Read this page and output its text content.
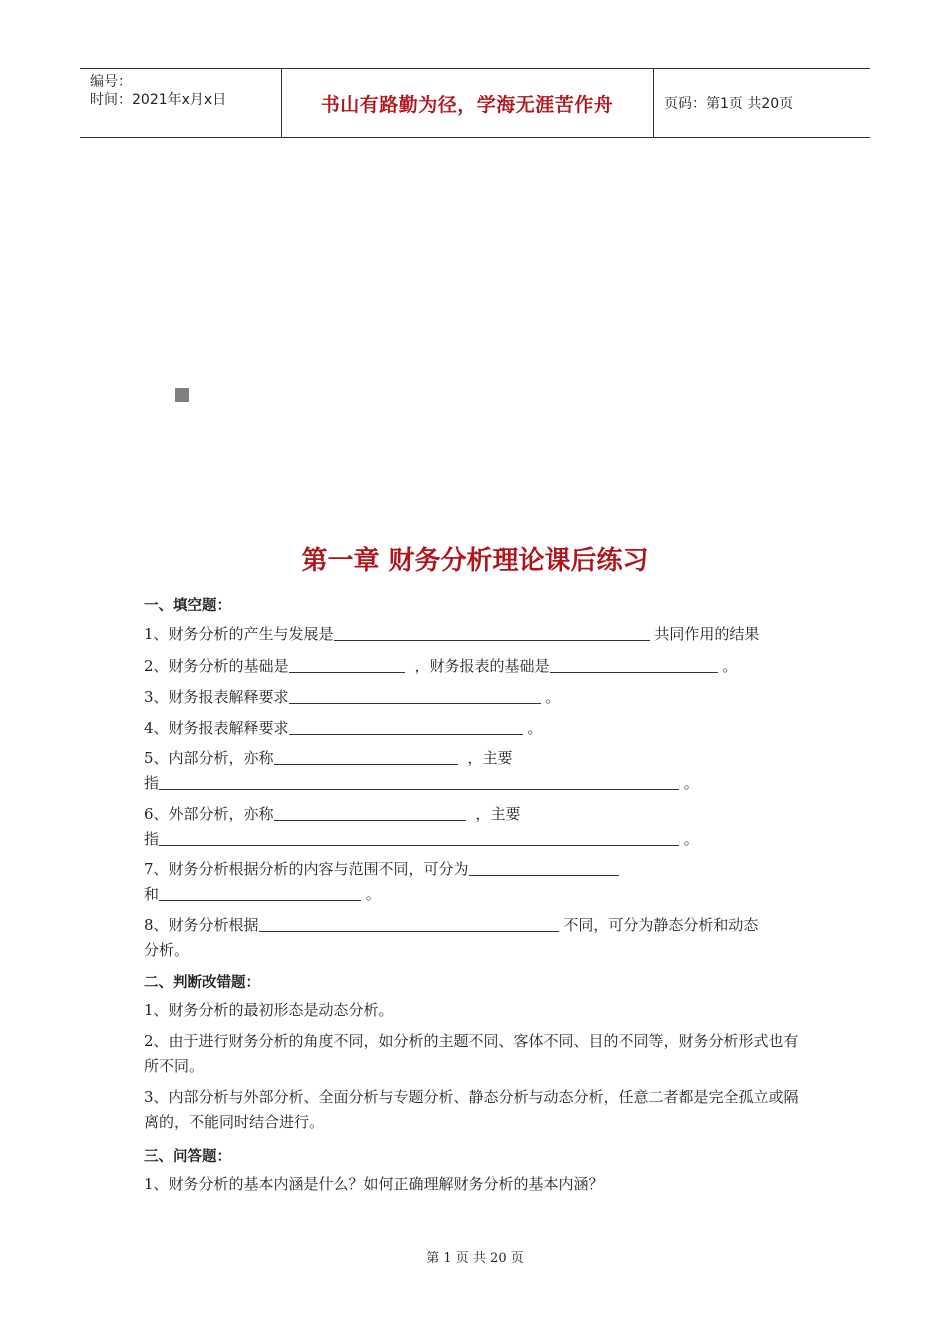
编号：
时间：2021年x月x日	书山有路勤为径，学海无涯苦作舟	页码：第1页 共20页
第一章 财务分析理论课后练习
一、填空题：
1、财务分析的产生与发展是	共同作用的结果
2、财务分析的基础是	，财务报表的基础是	。
3、财务报表解释要求	。
4、财务报表解释要求	。
5、内部分析，亦称	，主要
指	。
6、外部分析，亦称	，主要
指	。
7、财务分析根据分析的内容与范围不同，可分为
和	。
8、财务分析根据	不同，可分为静态分析和动态
分析。
二、判断改错题：
1、财务分析的最初形态是动态分析。
2、由于进行财务分析的角度不同，如分析的主题不同、客体不同、目的不同等，财务分析形式也有所不同。
3、内部分析与外部分析、全面分析与专题分析、静态分析与动态分析，任意二者都是完全孤立或隔离的，不能同时结合进行。
三、问答题：
1、财务分析的基本内涵是什么？如何正确理解财务分析的基本内涵？
第 1 页 共 20 页
